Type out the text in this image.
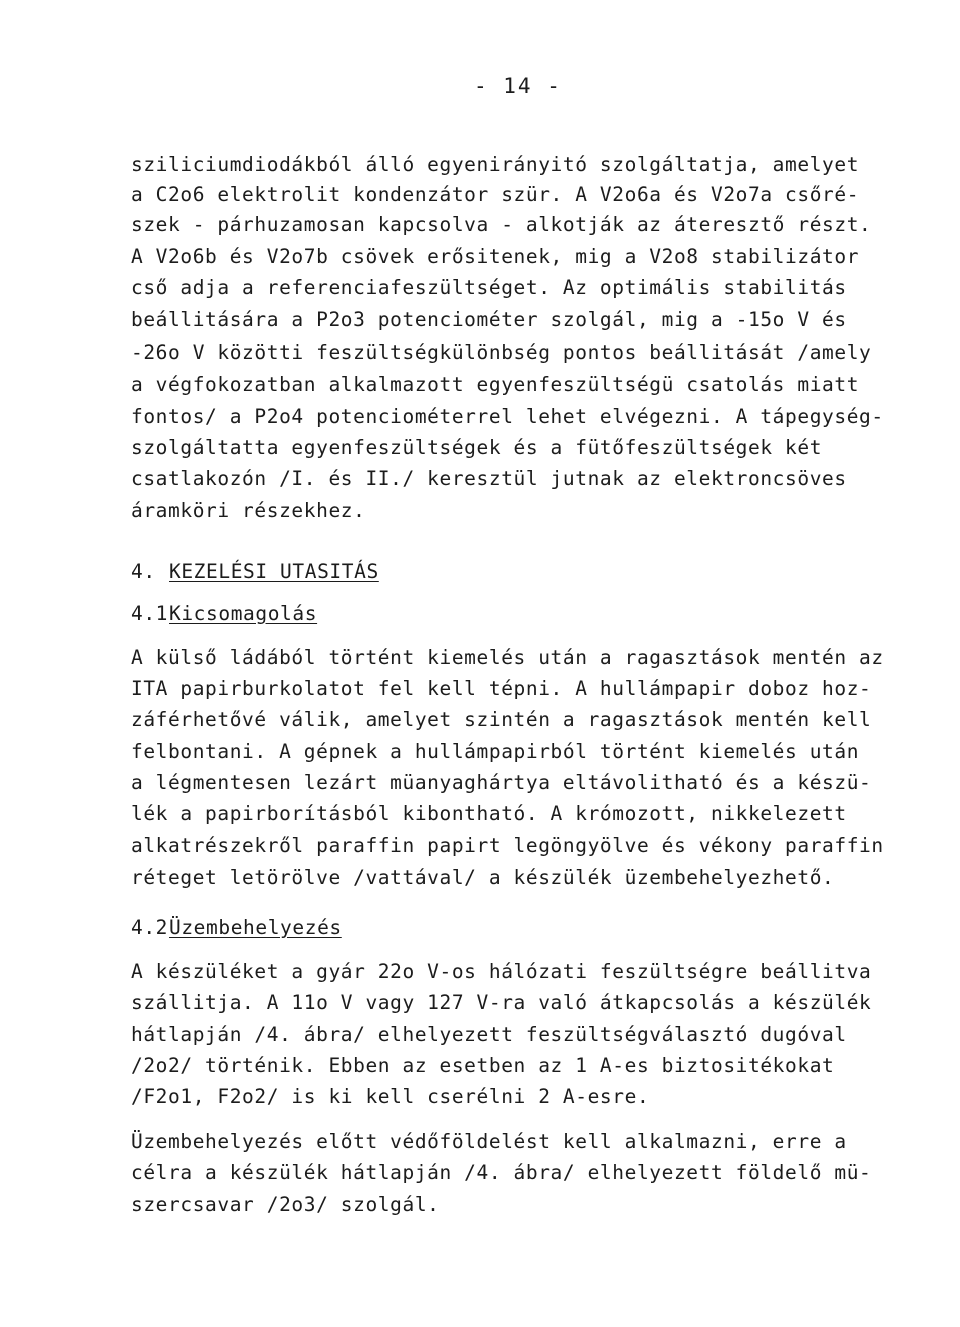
- 14 -
sziliciumdiodákból álló egyenirányitó szolgáltatja, amelyet
a C2o6 elektrolit kondenzátor szür. A V2o6a és V2o7a csőré-
szek - párhuzamosan kapcsolva - alkotják az áteresztő részt.
A V2o6b és V2o7b csövek erősitenek, mig a V2o8 stabilizátor
cső adja a referenciafeszültséget. Az optimális stabilitás
beállitására a P2o3 potenciométer szolgál, mig a -15o V és
-26o V közötti feszültségkülönbség pontos beállitását /amely
a végfokozatban alkalmazott egyenfeszültségü csatolás miatt
fontos/ a P2o4 potenciométerrel lehet elvégezni. A tápegység-
szolgáltatta egyenfeszültségek és a fütőfeszültségek két
csatlakozón /I. és II./ keresztül jutnak az elektroncsöves
áramköri részekhez.
4. KEZELÉSI UTASITÁS
4.1Kicsomagolás
A külső ládából történt kiemelés után a ragasztások mentén az
ITA papirburkolatot fel kell tépni. A hullámpapir doboz hoz-
záférhetővé válik, amelyet szintén a ragasztások mentén kell
felbontani. A gépnek a hullámpapirból történt kiemelés után
a légmentesen lezárt müanyaghártya eltávolitható és a készü-
lék a papirborításból kibontható. A krómozott, nikkelezett
alkatrészekről paraffin papirt legöngyölve és vékony paraffin
réteget letörölve /vattával/ a készülék üzembehelyezhető.
4.2Üzembehelyezés
A készüléket a gyár 22o V-os hálózati feszültségre beállitva
szállitja. A 11o V vagy 127 V-ra való átkapcsolás a készülék
hátlapján /4. ábra/ elhelyezett feszültségválasztó dugóval
/2o2/ történik. Ebben az esetben az 1 A-es biztositékokat
/F2o1, F2o2/ is ki kell cserélni 2 A-esre.
Üzembehelyezés előtt védőföldelést kell alkalmazni, erre a
célra a készülék hátlapján /4. ábra/ elhelyezett földelő mü-
szercsavar /2o3/ szolgál.
